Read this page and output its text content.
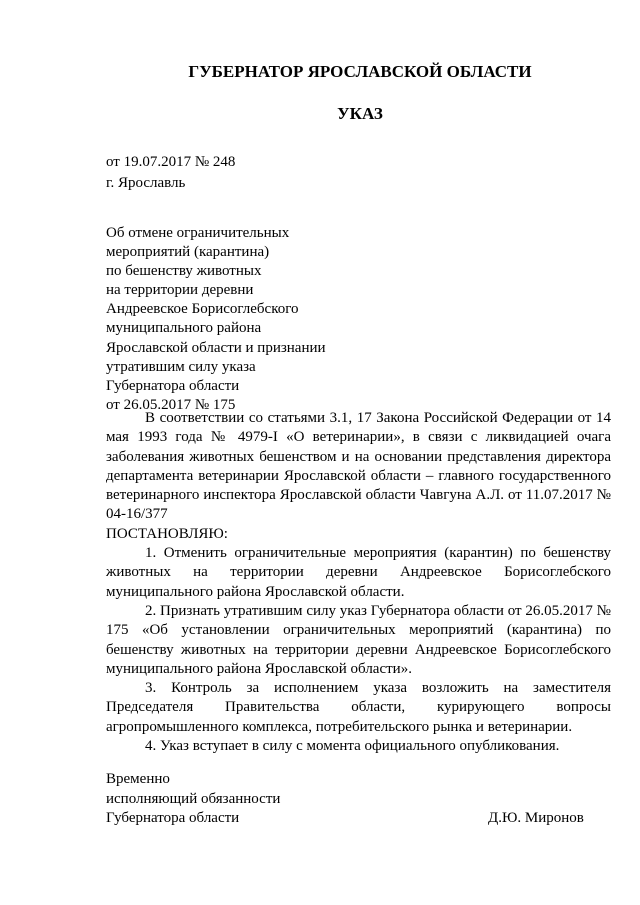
ГУБЕРНАТОР ЯРОСЛАВСКОЙ ОБЛАСТИ
УКАЗ
от 19.07.2017 № 248
г. Ярославль
Об отмене ограничительных
мероприятий (карантина)
по бешенству животных
на территории деревни
Андреевское Борисоглебского
муниципального района
Ярославской области и признании
утратившим силу указа
Губернатора области
от 26.05.2017 № 175

В соответствии со статьями 3.1, 17 Закона Российской Федерации от 14 мая 1993 года № 4979-I «О ветеринарии», в связи с ликвидацией очага заболевания животных бешенством и на основании представления директора департамента ветеринарии Ярославской области – главного государственного ветеринарного инспектора Ярославской области Чавгуна А.Л. от 11.07.2017 № 04-16/377

ПОСТАНОВЛЯЮ:

1. Отменить ограничительные мероприятия (карантин) по бешенству животных на территории деревни Андреевское Борисоглебского муниципального района Ярославской области.

2. Признать утратившим силу указ Губернатора области от 26.05.2017 № 175 «Об установлении ограничительных мероприятий (карантина) по бешенству животных на территории деревни Андреевское Борисоглебского муниципального района Ярославской области».

3. Контроль за исполнением указа возложить на заместителя Председателя Правительства области, курирующего вопросы агропромышленного комплекса, потребительского рынка и ветеринарии.

4. Указ вступает в силу с момента официального опубликования.

Временно
исполняющий обязанности
Губернатора области	Д.Ю. Миронов
